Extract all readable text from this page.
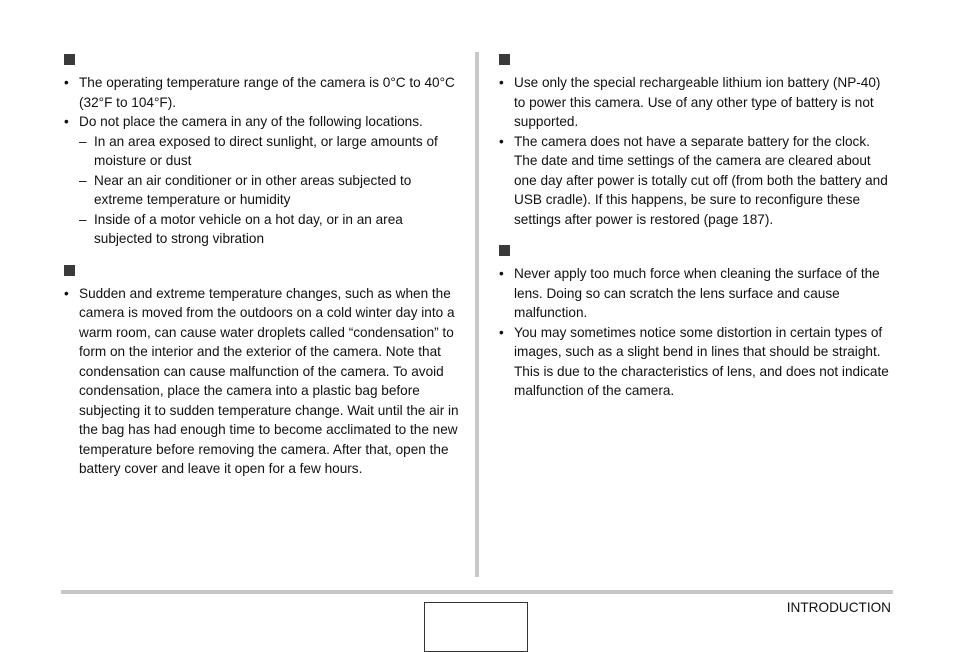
• The operating temperature range of the camera is 0°C to 40°C (32°F to 104°F).
• Do not place the camera in any of the following locations.
– In an area exposed to direct sunlight, or large amounts of moisture or dust
– Near an air conditioner or in other areas subjected to extreme temperature or humidity
– Inside of a motor vehicle on a hot day, or in an area subjected to strong vibration
• Sudden and extreme temperature changes, such as when the camera is moved from the outdoors on a cold winter day into a warm room, can cause water droplets called “condensation” to form on the interior and the exterior of the camera. Note that condensation can cause malfunction of the camera. To avoid condensation, place the camera into a plastic bag before subjecting it to sudden temperature change. Wait until the air in the bag has had enough time to become acclimated to the new temperature before removing the camera. After that, open the battery cover and leave it open for a few hours.
• Use only the special rechargeable lithium ion battery (NP-40) to power this camera. Use of any other type of battery is not supported.
• The camera does not have a separate battery for the clock. The date and time settings of the camera are cleared about one day after power is totally cut off (from both the battery and USB cradle). If this happens, be sure to reconfigure these settings after power is restored (page 187).
• Never apply too much force when cleaning the surface of the lens. Doing so can scratch the lens surface and cause malfunction.
• You may sometimes notice some distortion in certain types of images, such as a slight bend in lines that should be straight. This is due to the characteristics of lens, and does not indicate malfunction of the camera.
INTRODUCTION
